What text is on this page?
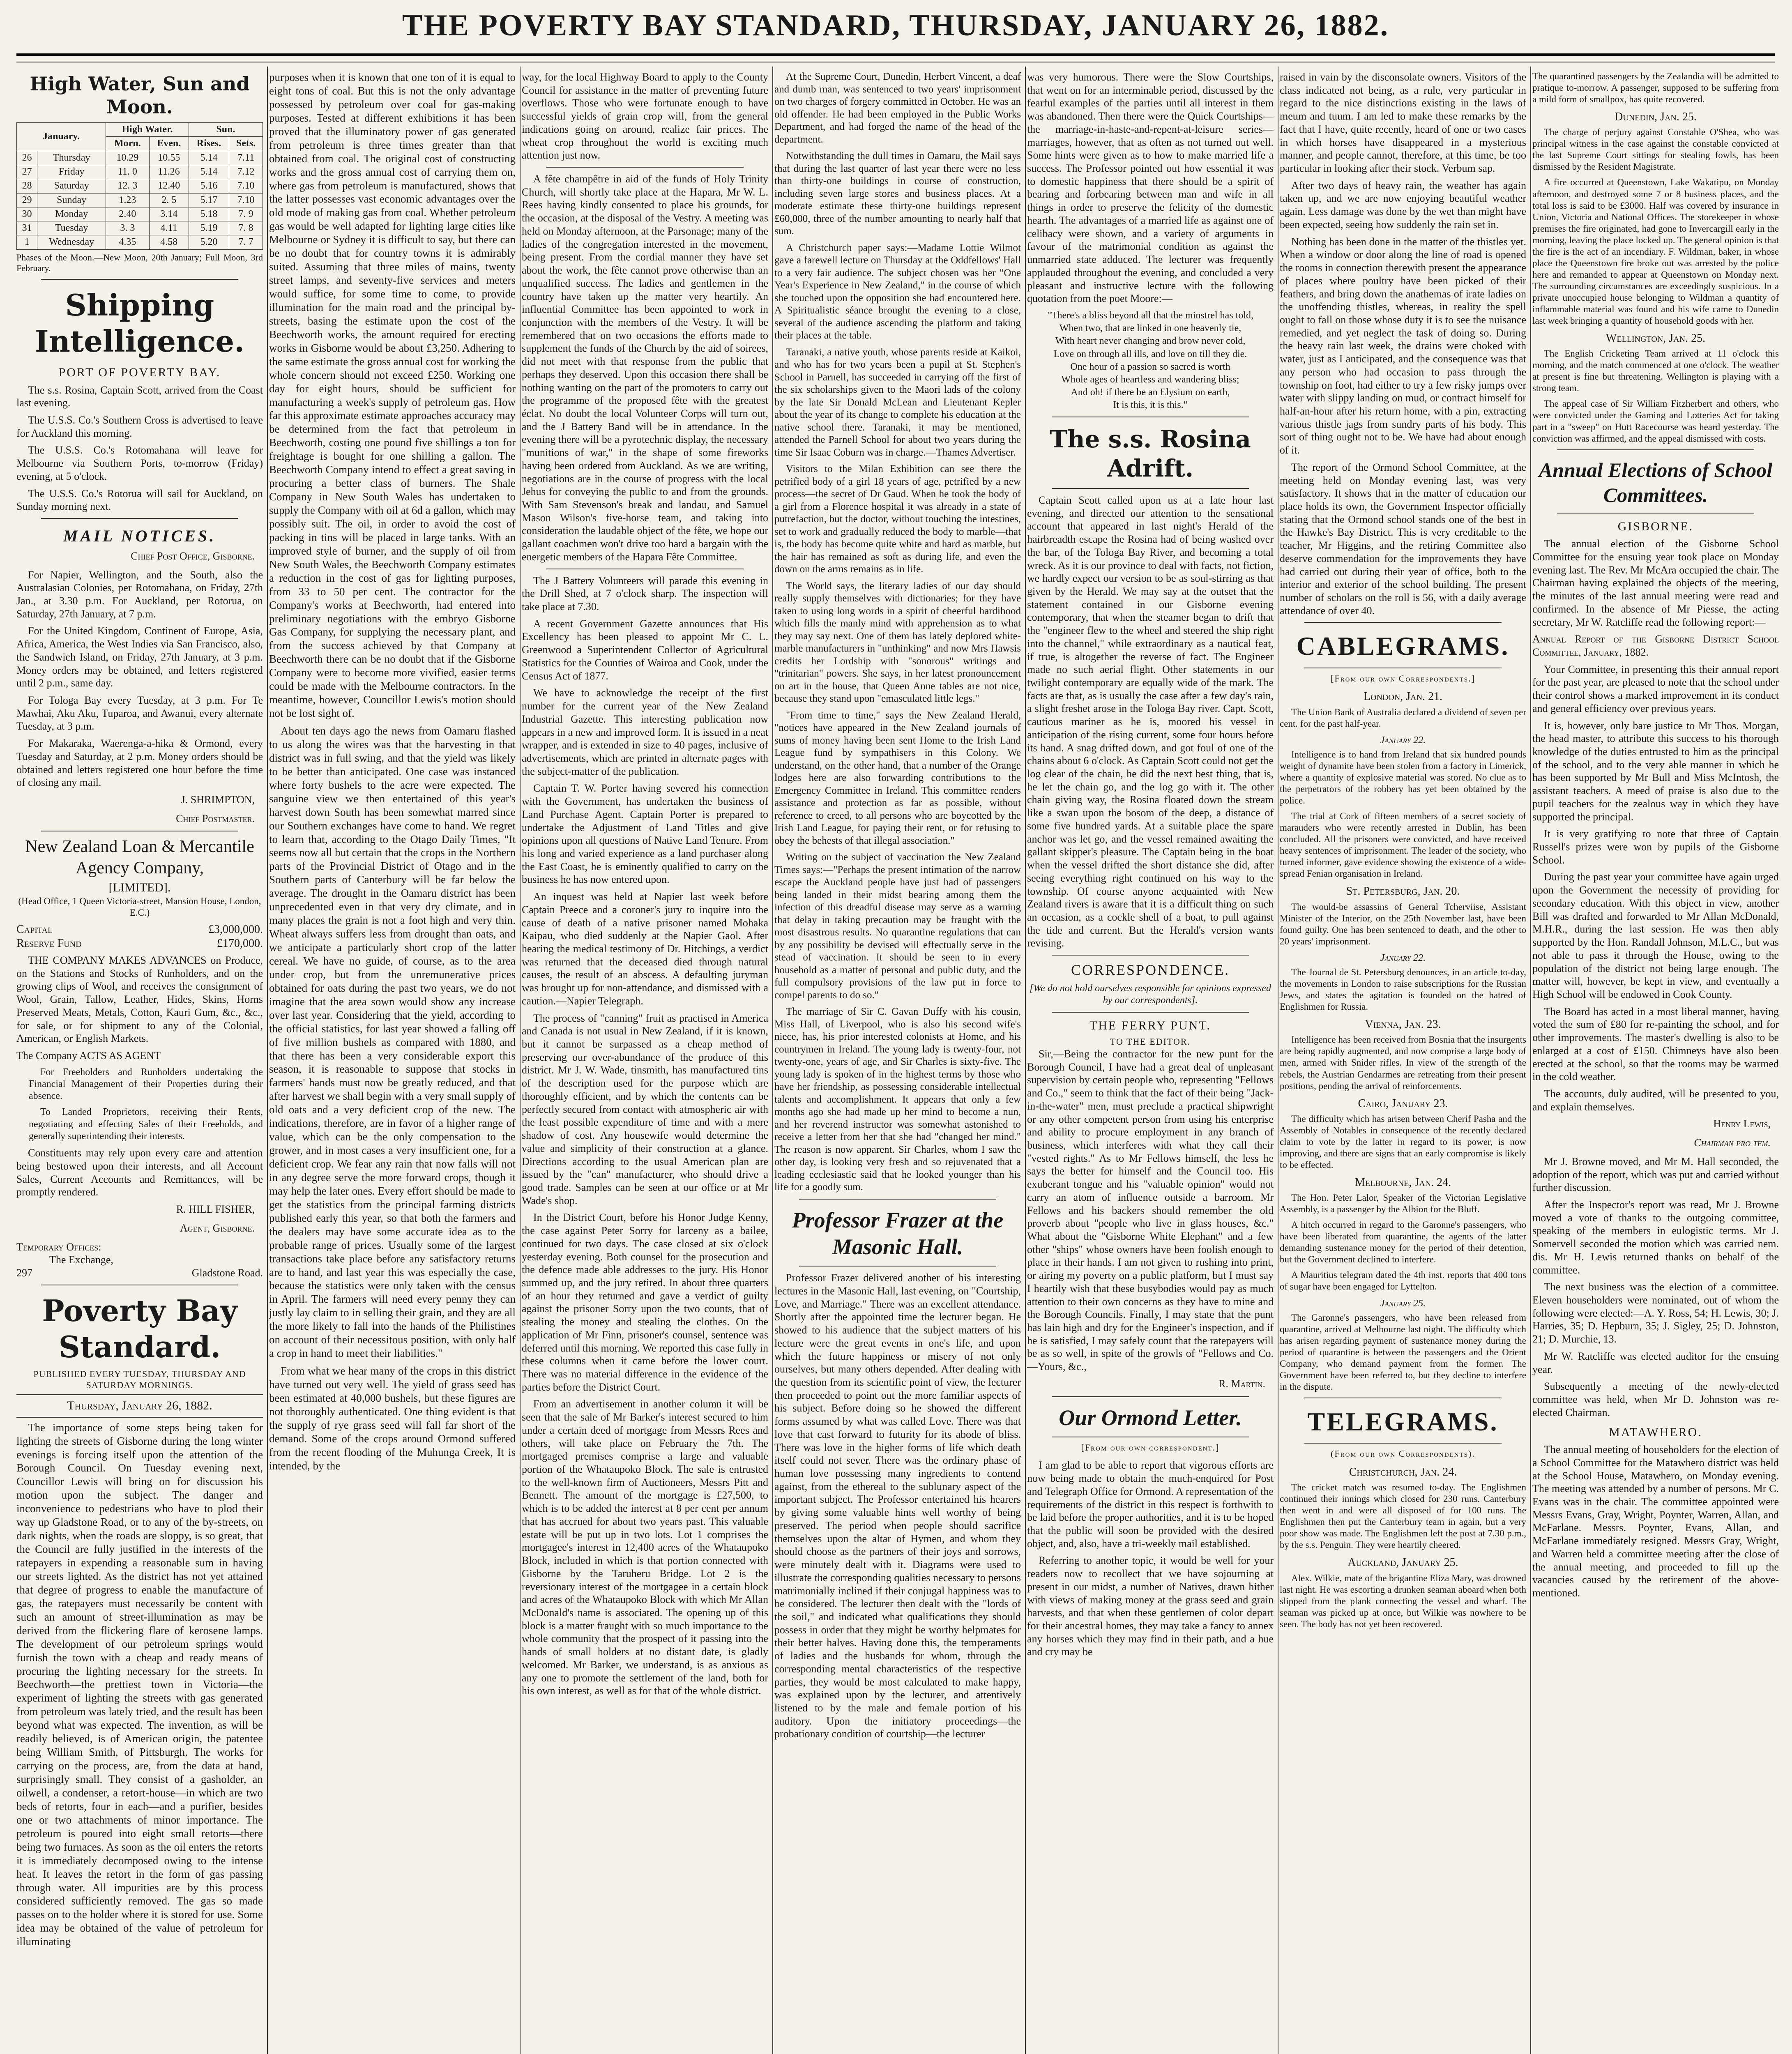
THE POVERTY BAY STANDARD, THURSDAY, JANUARY 26, 1882.
High Water, Sun and Moon.
January.		High Water.		Sun.	
		Morn.	Even.	Rises.	Sets.
26	Thursday	10.29	10.55	5.14	7.11
27	Friday	11. 0	11.26	5.14	7.12
28	Saturday	12. 3	12.40	5.16	7.10
29	Sunday	1.23	2. 5	5.17	7.10
30	Monday	2.40	3.14	5.18	7. 9
31	Tuesday	3. 3	4.11	5.19	7. 8
1	Wednesday	4.35	4.58	5.20	7. 7

Phases of the Moon.—New Moon, 20th January; Full Moon, 3rd February.

Shipping Intelligence.
PORT OF POVERTY BAY.

The s.s. Rosina, Captain Scott, arrived from the Coast last evening.

The U.S.S. Co.'s Southern Cross is advertised to leave for Auckland this morning.

The U.S.S. Co.'s Rotomahana will leave for Melbourne via Southern Ports, to-morrow (Friday) evening, at 5 o'clock.

The U.S.S. Co.'s Rotorua will sail for Auckland, on Sunday morning next.

MAIL NOTICES.
Chief Post Office, Gisborne.

For Napier, Wellington, and the South, also the Australasian Colonies, per Rotomahana, on Friday, 27th Jan., at 3.30 p.m. For Auckland, per Rotorua, on Saturday, 27th January, at 7 p.m.

For the United Kingdom, Continent of Europe, Asia, Africa, America, the West Indies via San Francisco, also, the Sandwich Island, on Friday, 27th January, at 3 p.m. Money orders may be obtained, and letters registered until 2 p.m., same day.

For Tologa Bay every Tuesday, at 3 p.m. For Te Mawhai, Aku Aku, Tuparoa, and Awanui, every alternate Tuesday, at 3 p.m.

For Makaraka, Waerenga-a-hika & Ormond, every Tuesday and Saturday, at 2 p.m. Money orders should be obtained and letters registered one hour before the time of closing any mail.

J. SHRIMPTON,
Chief Postmaster.
New Zealand Loan & Mercantile Agency Company,
[LIMITED].

(Head Office, 1 Queen Victoria-street, Mansion House, London, E.C.)

Capital	£3,000,000.
Reserve Fund	£170,000.

THE COMPANY MAKES ADVANCES on Produce, on the Stations and Stocks of Runholders, and on the growing clips of Wool, and receives the consignment of Wool, Grain, Tallow, Leather, Hides, Skins, Horns Preserved Meats, Metals, Cotton, Kauri Gum, &c., &c., for sale, or for shipment to any of the Colonial, American, or English Markets.

The Company ACTS AS AGENT

For Freeholders and Runholders undertaking the Financial Management of their Properties during their absence.

To Landed Proprietors, receiving their Rents, negotiating and effecting Sales of their Freeholds, and generally superintending their interests.

Constituents may rely upon every care and attention being bestowed upon their interests, and all Account Sales, Current Accounts and Remittances, will be promptly rendered.

R. HILL FISHER,
Agent, Gisborne.
Temporary Offices:
The Exchange,
297	Gladstone Road.
Poverty Bay Standard.
PUBLISHED EVERY TUESDAY, THURSDAY AND SATURDAY MORNINGS.
Thursday, January 26, 1882.

The importance of some steps being taken for lighting the streets of Gisborne during the long winter evenings is forcing itself upon the attention of the Borough Council. On Tuesday evening next, Councillor Lewis will bring on for discussion his motion upon the subject. The danger and inconvenience to pedestrians who have to plod their way up Gladstone Road, or to any of the by-streets, on dark nights, when the roads are sloppy, is so great, that the Council are fully justified in the interests of the ratepayers in expending a reasonable sum in having our streets lighted. As the district has not yet attained that degree of progress to enable the manufacture of gas, the ratepayers must necessarily be content with such an amount of street-illumination as may be derived from the flickering flare of kerosene lamps. The development of our petroleum springs would furnish the town with a cheap and ready means of procuring the lighting necessary for the streets. In Beechworth—the prettiest town in Victoria—the experiment of lighting the streets with gas generated from petroleum was lately tried, and the result has been beyond what was expected. The invention, as will be readily believed, is of American origin, the patentee being William Smith, of Pittsburgh. The works for carrying on the process, are, from the data at hand, surprisingly small. They consist of a gasholder, an oilwell, a condenser, a retort-house—in which are two beds of retorts, four in each—and a purifier, besides one or two attachments of minor importance. The petroleum is poured into eight small retorts—there being two furnaces. As soon as the oil enters the retorts it is immediately decomposed owing to the intense heat. It leaves the retort in the form of gas passing through water. All impurities are by this process considered sufficiently removed. The gas so made passes on to the holder where it is stored for use. Some idea may be obtained of the value of petroleum for illuminating

purposes when it is known that one ton of it is equal to eight tons of coal. But this is not the only advantage possessed by petroleum over coal for gas-making purposes. Tested at different exhibitions it has been proved that the illuminatory power of gas generated from petroleum is three times greater than that obtained from coal. The original cost of constructing works and the gross annual cost of carrying them on, where gas from petroleum is manufactured, shows that the latter possesses vast economic advantages over the old mode of making gas from coal. Whether petroleum gas would be well adapted for lighting large cities like Melbourne or Sydney it is difficult to say, but there can be no doubt that for country towns it is admirably suited. Assuming that three miles of mains, twenty street lamps, and seventy-five services and meters would suffice, for some time to come, to provide illumination for the main road and the principal by-streets, basing the estimate upon the cost of the Beechworth works, the amount required for erecting works in Gisborne would be about £3,250. Adhering to the same estimate the gross annual cost for working the whole concern should not exceed £250. Working one day for eight hours, should be sufficient for manufacturing a week's supply of petroleum gas. How far this approximate estimate approaches accuracy may be determined from the fact that petroleum in Beechworth, costing one pound five shillings a ton for freightage is bought for one shilling a gallon. The Beechworth Company intend to effect a great saving in procuring a better class of burners. The Shale Company in New South Wales has undertaken to supply the Company with oil at 6d a gallon, which may possibly suit. The oil, in order to avoid the cost of packing in tins will be placed in large tanks. With an improved style of burner, and the supply of oil from New South Wales, the Beechworth Company estimates a reduction in the cost of gas for lighting purposes, from 33 to 50 per cent. The contractor for the Company's works at Beechworth, had entered into preliminary negotiations with the embryo Gisborne Gas Company, for supplying the necessary plant, and from the success achieved by that Company at Beechworth there can be no doubt that if the Gisborne Company were to become more vivified, easier terms could be made with the Melbourne contractors. In the meantime, however, Councillor Lewis's motion should not be lost sight of.

About ten days ago the news from Oamaru flashed to us along the wires was that the harvesting in that district was in full swing, and that the yield was likely to be better than anticipated. One case was instanced where forty bushels to the acre were expected. The sanguine view we then entertained of this year's harvest down South has been somewhat marred since our Southern exchanges have come to hand. We regret to learn that, according to the Otago Daily Times, "It seems now all but certain that the crops in the Northern parts of the Provincial District of Otago and in the Southern parts of Canterbury will be far below the average. The drought in the Oamaru district has been unprecedented even in that very dry climate, and in many places the grain is not a foot high and very thin. Wheat always suffers less from drought than oats, and we anticipate a particularly short crop of the latter cereal. We have no guide, of course, as to the area under crop, but from the unremunerative prices obtained for oats during the past two years, we do not imagine that the area sown would show any increase over last year. Considering that the yield, according to the official statistics, for last year showed a falling off of five million bushels as compared with 1880, and that there has been a very considerable export this season, it is reasonable to suppose that stocks in farmers' hands must now be greatly reduced, and that after harvest we shall begin with a very small supply of old oats and a very deficient crop of the new. The indications, therefore, are in favor of a higher range of value, which can be the only compensation to the grower, and in most cases a very insufficient one, for a deficient crop. We fear any rain that now falls will not in any degree serve the more forward crops, though it may help the later ones. Every effort should be made to get the statistics from the principal farming districts published early this year, so that both the farmers and the dealers may have some accurate idea as to the probable range of prices. Usually some of the largest transactions take place before any satisfactory returns are to hand, and last year this was especially the case, because the statistics were only taken with the census in April. The farmers will need every penny they can justly lay claim to in selling their grain, and they are all the more likely to fall into the hands of the Philistines on account of their necessitous position, with only half a crop in hand to meet their liabilities."

From what we hear many of the crops in this district have turned out very well. The yield of grass seed has been estimated at 40,000 bushels, but these figures are not thoroughly authenticated. One thing evident is that the supply of rye grass seed will fall far short of the demand. Some of the crops around Ormond suffered from the recent flooding of the Muhunga Creek, It is intended, by the

way, for the local Highway Board to apply to the County Council for assistance in the matter of preventing future overflows. Those who were fortunate enough to have successful yields of grain crop will, from the general indications going on around, realize fair prices. The wheat crop throughout the world is exciting much attention just now.

A fête champêtre in aid of the funds of Holy Trinity Church, will shortly take place at the Hapara, Mr W. L. Rees having kindly consented to place his grounds, for the occasion, at the disposal of the Vestry. A meeting was held on Monday afternoon, at the Parsonage; many of the ladies of the congregation interested in the movement, being present. From the cordial manner they have set about the work, the fête cannot prove otherwise than an unqualified success. The ladies and gentlemen in the country have taken up the matter very heartily. An influential Committee has been appointed to work in conjunction with the members of the Vestry. It will be remembered that on two occasions the efforts made to supplement the funds of the Church by the aid of soirees, did not meet with that response from the public that perhaps they deserved. Upon this occasion there shall be nothing wanting on the part of the promoters to carry out the programme of the proposed fête with the greatest éclat. No doubt the local Volunteer Corps will turn out, and the J Battery Band will be in attendance. In the evening there will be a pyrotechnic display, the necessary "munitions of war," in the shape of some fireworks having been ordered from Auckland. As we are writing, negotiations are in the course of progress with the local Jehus for conveying the public to and from the grounds. With Sam Stevenson's break and landau, and Samuel Mason Wilson's five-horse team, and taking into consideration the laudable object of the fête, we hope our gallant coachmen won't drive too hard a bargain with the energetic members of the Hapara Fête Committee.

The J Battery Volunteers will parade this evening in the Drill Shed, at 7 o'clock sharp. The inspection will take place at 7.30.

A recent Government Gazette announces that His Excellency has been pleased to appoint Mr C. L. Greenwood a Superintendent Collector of Agricultural Statistics for the Counties of Wairoa and Cook, under the Census Act of 1877.

We have to acknowledge the receipt of the first number for the current year of the New Zealand Industrial Gazette. This interesting publication now appears in a new and improved form. It is issued in a neat wrapper, and is extended in size to 40 pages, inclusive of advertisements, which are printed in alternate pages with the subject-matter of the publication.

Captain T. W. Porter having severed his connection with the Government, has undertaken the business of Land Purchase Agent. Captain Porter is prepared to undertake the Adjustment of Land Titles and give opinions upon all questions of Native Land Tenure. From his long and varied experience as a land purchaser along the East Coast, he is eminently qualified to carry on the business he has now entered upon.

An inquest was held at Napier last week before Captain Preece and a coroner's jury to inquire into the cause of death of a native prisoner named Mohaka Kaipau, who died suddenly at the Napier Gaol. After hearing the medical testimony of Dr. Hitchings, a verdict was returned that the deceased died through natural causes, the result of an abscess. A defaulting juryman was brought up for non-attendance, and dismissed with a caution.—Napier Telegraph.

The process of "canning" fruit as practised in America and Canada is not usual in New Zealand, if it is known, but it cannot be surpassed as a cheap method of preserving our over-abundance of the produce of this district. Mr J. W. Wade, tinsmith, has manufactured tins of the description used for the purpose which are thoroughly efficient, and by which the contents can be perfectly secured from contact with atmospheric air with the least possible expenditure of time and with a mere shadow of cost. Any housewife would determine the value and simplicity of their construction at a glance. Directions according to the usual American plan are issued by the "can" manufacturer, who should drive a good trade. Samples can be seen at our office or at Mr Wade's shop.

In the District Court, before his Honor Judge Kenny, the case against Peter Sorry for larceny as a bailee, continued for two days. The case closed at six o'clock yesterday evening. Both counsel for the prosecution and the defence made able addresses to the jury. His Honor summed up, and the jury retired. In about three quarters of an hour they returned and gave a verdict of guilty against the prisoner Sorry upon the two counts, that of stealing the money and stealing the clothes. On the application of Mr Finn, prisoner's counsel, sentence was deferred until this morning. We reported this case fully in these columns when it came before the lower court. There was no material difference in the evidence of the parties before the District Court.

From an advertisement in another column it will be seen that the sale of Mr Barker's interest secured to him under a certain deed of mortgage from Messrs Rees and others, will take place on February the 7th. The mortgaged premises comprise a large and valuable portion of the Whataupoko Block. The sale is entrusted to the well-known firm of Auctioneers, Messrs Pitt and Bennett. The amount of the mortgage is £27,500, to which is to be added the interest at 8 per cent per annum that has accrued for about two years past. This valuable estate will be put up in two lots. Lot 1 comprises the mortgagee's interest in 12,400 acres of the Whataupoko Block, included in which is that portion connected with Gisborne by the Taruheru Bridge. Lot 2 is the reversionary interest of the mortgagee in a certain block and acres of the Whataupoko Block with which Mr Allan McDonald's name is associated. The opening up of this block is a matter fraught with so much importance to the whole community that the prospect of it passing into the hands of small holders at no distant date, is gladly welcomed. Mr Barker, we understand, is as anxious as any one to promote the settlement of the land, both for his own interest, as well as for that of the whole district.

At the Supreme Court, Dunedin, Herbert Vincent, a deaf and dumb man, was sentenced to two years' imprisonment on two charges of forgery committed in October. He was an old offender. He had been employed in the Public Works Department, and had forged the name of the head of the department.

Notwithstanding the dull times in Oamaru, the Mail says that during the last quarter of last year there were no less than thirty-one buildings in course of construction, including seven large stores and business places. At a moderate estimate these thirty-one buildings represent £60,000, three of the number amounting to nearly half that sum.

A Christchurch paper says:—Madame Lottie Wilmot gave a farewell lecture on Thursday at the Oddfellows' Hall to a very fair audience. The subject chosen was her "One Year's Experience in New Zealand," in the course of which she touched upon the opposition she had encountered here. A Spiritualistic séance brought the evening to a close, several of the audience ascending the platform and taking their places at the table.

Taranaki, a native youth, whose parents reside at Kaikoi, and who has for two years been a pupil at St. Stephen's School in Parnell, has succeeded in carrying off the first of the six scholarships given to the Maori lads of the colony by the late Sir Donald McLean and Lieutenant Kepler about the year of its change to complete his education at the native school there. Taranaki, it may be mentioned, attended the Parnell School for about two years during the time Sir Isaac Coburn was in charge.—Thames Advertiser.

Visitors to the Milan Exhibition can see there the petrified body of a girl 18 years of age, petrified by a new process—the secret of Dr Gaud. When he took the body of a girl from a Florence hospital it was already in a state of putrefaction, but the doctor, without touching the intestines, set to work and gradually reduced the body to marble—that is, the body has become quite white and hard as marble, but the hair has remained as soft as during life, and even the down on the arms remains as in life.

The World says, the literary ladies of our day should really supply themselves with dictionaries; for they have taken to using long words in a spirit of cheerful hardihood which fills the manly mind with apprehension as to what they may say next. One of them has lately deplored white-marble manufacturers in "unthinking" and now Mrs Hawsis credits her Lordship with "sonorous" writings and "trinitarian" powers. She says, in her latest pronouncement on art in the house, that Queen Anne tables are not nice, because they stand upon "emasculated little legs."

"From time to time," says the New Zealand Herald, "notices have appeared in the New Zealand journals of sums of money having been sent Home to the Irish Land League fund by sympathisers in this Colony. We understand, on the other hand, that a number of the Orange lodges here are also forwarding contributions to the Emergency Committee in Ireland. This committee renders assistance and protection as far as possible, without reference to creed, to all persons who are boycotted by the Irish Land League, for paying their rent, or for refusing to obey the behests of that illegal association."

Writing on the subject of vaccination the New Zealand Times says:—"Perhaps the present intimation of the narrow escape the Auckland people have just had of passengers being landed in their midst bearing among them the infection of this dreadful disease may serve as a warning that delay in taking precaution may be fraught with the most disastrous results. No quarantine regulations that can by any possibility be devised will effectually serve in the stead of vaccination. It should be seen to in every household as a matter of personal and public duty, and the full compulsory provisions of the law put in force to compel parents to do so."

The marriage of Sir C. Gavan Duffy with his cousin, Miss Hall, of Liverpool, who is also his second wife's niece, has, his prior interested colonists at Home, and his countrymen in Ireland. The young lady is twenty-four, not twenty-one, years of age, and Sir Charles is sixty-five. The young lady is spoken of in the highest terms by those who have her friendship, as possessing considerable intellectual talents and accomplishment. It appears that only a few months ago she had made up her mind to become a nun, and her reverend instructor was somewhat astonished to receive a letter from her that she had "changed her mind." The reason is now apparent. Sir Charles, whom I saw the other day, is looking very fresh and so rejuvenated that a leading ecclesiastic said that he looked younger than his life for a goodly sum.

Professor Frazer at the Masonic Hall.

Professor Frazer delivered another of his interesting lectures in the Masonic Hall, last evening, on "Courtship, Love, and Marriage." There was an excellent attendance. Shortly after the appointed time the lecturer began. He showed to his audience that the subject matters of his lecture were the great events in one's life, and upon which the future happiness or misery of not only ourselves, but many others depended. After dealing with the question from its scientific point of view, the lecturer then proceeded to point out the more familiar aspects of his subject. Before doing so he showed the different forms assumed by what was called Love. There was that love that cast forward to futurity for its abode of bliss. There was love in the higher forms of life which death itself could not sever. There was the ordinary phase of human love possessing many ingredients to contend against, from the ethereal to the sublunary aspect of the important subject. The Professor entertained his hearers by giving some valuable hints well worthy of being preserved. The period when people should sacrifice themselves upon the altar of Hymen, and whom they should choose as the partners of their joys and sorrows, were minutely dealt with it. Diagrams were used to illustrate the corresponding qualities necessary to persons matrimonially inclined if their conjugal happiness was to be considered. The lecturer then dealt with the "lords of the soil," and indicated what qualifications they should possess in order that they might be worthy helpmates for their better halves. Having done this, the temperaments of ladies and the husbands for whom, through the corresponding mental characteristics of the respective parties, they would be most calculated to make happy, was explained upon by the lecturer, and attentively listened to by the male and female portion of his auditory. Upon the initiatory proceedings—the probationary condition of courtship—the lecturer

was very humorous. There were the Slow Courtships, that went on for an interminable period, discussed by the fearful examples of the parties until all interest in them was abandoned. Then there were the Quick Courtships—the marriage-in-haste-and-repent-at-leisure series—marriages, however, that as often as not turned out well. Some hints were given as to how to make married life a success. The Professor pointed out how essential it was to domestic happiness that there should be a spirit of bearing and forbearing between man and wife in all things in order to preserve the felicity of the domestic hearth. The advantages of a married life as against one of celibacy were shown, and a variety of arguments in favour of the matrimonial condition as against the unmarried state adduced. The lecturer was frequently applauded throughout the evening, and concluded a very pleasant and instructive lecture with the following quotation from the poet Moore:—

"There's a bliss beyond all that the minstrel has told,
When two, that are linked in one heavenly tie,
With heart never changing and brow never cold,
Love on through all ills, and love on till they die.
One hour of a passion so sacred is worth
Whole ages of heartless and wandering bliss;
And oh! if there be an Elysium on earth,
It is this, it is this."
The s.s. Rosina Adrift.

Captain Scott called upon us at a late hour last evening, and directed our attention to the sensational account that appeared in last night's Herald of the hairbreadth escape the Rosina had of being washed over the bar, of the Tologa Bay River, and becoming a total wreck. As it is our province to deal with facts, not fiction, we hardly expect our version to be as soul-stirring as that given by the Herald. We may say at the outset that the statement contained in our Gisborne evening contemporary, that when the steamer began to drift that the "engineer flew to the wheel and steered the ship right into the channel," while extraordinary as a nautical feat, if true, is altogether the reverse of fact. The Engineer made no such aerial flight. Other statements in our twilight contemporary are equally wide of the mark. The facts are that, as is usually the case after a few day's rain, a slight freshet arose in the Tologa Bay river. Capt. Scott, cautious mariner as he is, moored his vessel in anticipation of the rising current, some four hours before its hand. A snag drifted down, and got foul of one of the chains about 6 o'clock. As Captain Scott could not get the log clear of the chain, he did the next best thing, that is, he let the chain go, and the log go with it. The other chain giving way, the Rosina floated down the stream like a swan upon the bosom of the deep, a distance of some five hundred yards. At a suitable place the spare anchor was let go, and the vessel remained awaiting the gallant skipper's pleasure. The Captain being in the boat when the vessel drifted the short distance she did, after seeing everything right continued on his way to the township. Of course anyone acquainted with New Zealand rivers is aware that it is a difficult thing on such an occasion, as a cockle shell of a boat, to pull against the tide and current. But the Herald's version wants revising.

CORRESPONDENCE.

[We do not hold ourselves responsible for opinions expressed by our correspondents].

THE FERRY PUNT.
TO THE EDITOR.

Sir,—Being the contractor for the new punt for the Borough Council, I have had a great deal of unpleasant supervision by certain people who, representing "Fellows and Co.," seem to think that the fact of their being "Jack-in-the-water" men, must preclude a practical shipwright or any other competent person from using his enterprise and ability to procure employment in any branch of business, which interferes with what they call their "vested rights." As to Mr Fellows himself, the less he says the better for himself and the Council too. His exuberant tongue and his "valuable opinion" would not carry an atom of influence outside a barroom. Mr Fellows and his backers should remember the old proverb about "people who live in glass houses, &c." What about the "Gisborne White Elephant" and a few other "ships" whose owners have been foolish enough to place in their hands. I am not given to rushing into print, or airing my poverty on a public platform, but I must say I heartily wish that these busybodies would pay as much attention to their own concerns as they have to mine and the Borough Councils. Finally, I may state that the punt has lain high and dry for the Engineer's inspection, and if he is satisfied, I may safely count that the ratepayers will be as so well, in spite of the growls of "Fellows and Co.—Yours, &c.,

R. Martin.
Our Ormond Letter.
[From our own correspondent.]

I am glad to be able to report that vigorous efforts are now being made to obtain the much-enquired for Post and Telegraph Office for Ormond. A representation of the requirements of the district in this respect is forthwith to be laid before the proper authorities, and it is to be hoped that the public will soon be provided with the desired object, and, also, have a tri-weekly mail established.

Referring to another topic, it would be well for your readers now to recollect that we have sojourning at present in our midst, a number of Natives, drawn hither with views of making money at the grass seed and grain harvests, and that when these gentlemen of color depart for their ancestral homes, they may take a fancy to annex any horses which they may find in their path, and a hue and cry may be

raised in vain by the disconsolate owners. Visitors of the class indicated not being, as a rule, very particular in regard to the nice distinctions existing in the laws of meum and tuum. I am led to make these remarks by the fact that I have, quite recently, heard of one or two cases in which horses have disappeared in a mysterious manner, and people cannot, therefore, at this time, be too particular in looking after their stock. Verbum sap.

After two days of heavy rain, the weather has again taken up, and we are now enjoying beautiful weather again. Less damage was done by the wet than might have been expected, seeing how suddenly the rain set in.

Nothing has been done in the matter of the thistles yet. When a window or door along the line of road is opened the rooms in connection therewith present the appearance of places where poultry have been picked of their feathers, and bring down the anathemas of irate ladies on the unoffending thistles, whereas, in reality the spell ought to fall on those whose duty it is to see the nuisance remedied, and yet neglect the task of doing so. During the heavy rain last week, the drains were choked with water, just as I anticipated, and the consequence was that any person who had occasion to pass through the township on foot, had either to try a few risky jumps over water with slippy landing on mud, or contract himself for half-an-hour after his return home, with a pin, extracting various thistle jags from sundry parts of his body. This sort of thing ought not to be. We have had about enough of it.

The report of the Ormond School Committee, at the meeting held on Monday evening last, was very satisfactory. It shows that in the matter of education our place holds its own, the Government Inspector officially stating that the Ormond school stands one of the best in the Hawke's Bay District. This is very creditable to the teacher, Mr Higgins, and the retiring Committee also deserve commendation for the improvements they have had carried out during their year of office, both to the interior and exterior of the school building. The present number of scholars on the roll is 56, with a daily average attendance of over 40.

CABLEGRAMS.
[From our own Correspondents.]
London, Jan. 21.

The Union Bank of Australia declared a dividend of seven per cent. for the past half-year.

January 22.

Intelligence is to hand from Ireland that six hundred pounds weight of dynamite have been stolen from a factory in Limerick, where a quantity of explosive material was stored. No clue as to the perpetrators of the robbery has yet been obtained by the police.

The trial at Cork of fifteen members of a secret society of marauders who were recently arrested in Dublin, has been concluded. All the prisoners were convicted, and have received heavy sentences of imprisonment. The leader of the society, who turned informer, gave evidence showing the existence of a wide-spread Fenian organisation in Ireland.

St. Petersburg, Jan. 20.

The would-be assassins of General Tcherviise, Assistant Minister of the Interior, on the 25th November last, have been found guilty. One has been sentenced to death, and the other to 20 years' imprisonment.

January 22.

The Journal de St. Petersburg denounces, in an article to-day, the movements in London to raise subscriptions for the Russian Jews, and states the agitation is founded on the hatred of Englishmen for Russia.

Vienna, Jan. 23.

Intelligence has been received from Bosnia that the insurgents are being rapidly augmented, and now comprise a large body of men, armed with Snider rifles. In view of the strength of the rebels, the Austrian Gendarmes are retreating from their present positions, pending the arrival of reinforcements.

Cairo, January 23.

The difficulty which has arisen between Cherif Pasha and the Assembly of Notables in consequence of the recently declared claim to vote by the latter in regard to its power, is now improving, and there are signs that an early compromise is likely to be effected.

Melbourne, Jan. 24.

The Hon. Peter Lalor, Speaker of the Victorian Legislative Assembly, is a passenger by the Albion for the Bluff.

A hitch occurred in regard to the Garonne's passengers, who have been liberated from quarantine, the agents of the latter demanding sustenance money for the period of their detention, but the Government declined to interfere.

A Mauritius telegram dated the 4th inst. reports that 400 tons of sugar have been engaged for Lyttelton.

January 25.

The Garonne's passengers, who have been released from quarantine, arrived at Melbourne last night. The difficulty which has arisen regarding payment of sustenance money during the period of quarantine is between the passengers and the Orient Company, who demand payment from the former. The Government have been referred to, but they decline to interfere in the dispute.

TELEGRAMS.
(From our own Correspondents).
Christchurch, Jan. 24.

The cricket match was resumed to-day. The Englishmen continued their innings which closed for 230 runs. Canterbury then went in and were all disposed of for 100 runs. The Englishmen then put the Canterbury team in again, but a very poor show was made. The Englishmen left the post at 7.30 p.m., by the s.s. Penguin. They were heartily cheered.

Auckland, January 25.

Alex. Wilkie, mate of the brigantine Eliza Mary, was drowned last night. He was escorting a drunken seaman aboard when both slipped from the plank connecting the vessel and wharf. The seaman was picked up at once, but Wilkie was nowhere to be seen. The body has not yet been recovered.

The quarantined passengers by the Zealandia will be admitted to pratique to-morrow. A passenger, supposed to be suffering from a mild form of smallpox, has quite recovered.

Dunedin, Jan. 25.

The charge of perjury against Constable O'Shea, who was principal witness in the case against the constable convicted at the last Supreme Court sittings for stealing fowls, has been dismissed by the Resident Magistrate.

A fire occurred at Queenstown, Lake Wakatipu, on Monday afternoon, and destroyed some 7 or 8 business places, and the total loss is said to be £3000. Half was covered by insurance in Union, Victoria and National Offices. The storekeeper in whose premises the fire originated, had gone to Invercargill early in the morning, leaving the place locked up. The general opinion is that the fire is the act of an incendiary. F. Wildman, baker, in whose place the Queenstown fire broke out was arrested by the police here and remanded to appear at Queenstown on Monday next. The surrounding circumstances are exceedingly suspicious. In a private unoccupied house belonging to Wildman a quantity of inflammable material was found and his wife came to Dunedin last week bringing a quantity of household goods with her.

Wellington, Jan. 25.

The English Cricketing Team arrived at 11 o'clock this morning, and the match commenced at one o'clock. The weather at present is fine but threatening. Wellington is playing with a strong team.

The appeal case of Sir William Fitzherbert and others, who were convicted under the Gaming and Lotteries Act for taking part in a "sweep" on Hutt Racecourse was heard yesterday. The conviction was affirmed, and the appeal dismissed with costs.

Annual Elections of School Committees.
GISBORNE.

The annual election of the Gisborne School Committee for the ensuing year took place on Monday evening last. The Rev. Mr McAra occupied the chair. The Chairman having explained the objects of the meeting, the minutes of the last annual meeting were read and confirmed. In the absence of Mr Piesse, the acting secretary, Mr W. Ratcliffe read the following report:—

Annual Report of the Gisborne District School Committee, January, 1882.

Your Committee, in presenting this their annual report for the past year, are pleased to note that the school under their control shows a marked improvement in its conduct and general efficiency over previous years.

It is, however, only bare justice to Mr Thos. Morgan, the head master, to attribute this success to his thorough knowledge of the duties entrusted to him as the principal of the school, and to the very able manner in which he has been supported by Mr Bull and Miss McIntosh, the assistant teachers. A meed of praise is also due to the pupil teachers for the zealous way in which they have supported the principal.

It is very gratifying to note that three of Captain Russell's prizes were won by pupils of the Gisborne School.

During the past year your committee have again urged upon the Government the necessity of providing for secondary education. With this object in view, another Bill was drafted and forwarded to Mr Allan McDonald, M.H.R., during the last session. He was then ably supported by the Hon. Randall Johnson, M.L.C., but was not able to pass it through the House, owing to the population of the district not being large enough. The matter will, however, be kept in view, and eventually a High School will be endowed in Cook County.

The Board has acted in a most liberal manner, having voted the sum of £80 for re-painting the school, and for other improvements. The master's dwelling is also to be enlarged at a cost of £150. Chimneys have also been erected at the school, so that the rooms may be warmed in the cold weather.

The accounts, duly audited, will be presented to you, and explain themselves.

Henry Lewis,
Chairman pro tem.

Mr J. Browne moved, and Mr M. Hall seconded, the adoption of the report, which was put and carried without further discussion.

After the Inspector's report was read, Mr J. Browne moved a vote of thanks to the outgoing committee, speaking of the members in eulogistic terms. Mr J. Somervell seconded the motion which was carried nem. dis. Mr H. Lewis returned thanks on behalf of the committee.

The next business was the election of a committee. Eleven householders were nominated, out of whom the following were elected:—A. Y. Ross, 54; H. Lewis, 30; J. Harries, 35; D. Hepburn, 35; J. Sigley, 25; D. Johnston, 21; D. Murchie, 13.

Mr W. Ratcliffe was elected auditor for the ensuing year.

Subsequently a meeting of the newly-elected committee was held, when Mr D. Johnston was re-elected Chairman.

MATAWHERO.

The annual meeting of householders for the election of a School Committee for the Matawhero district was held at the School House, Matawhero, on Monday evening. The meeting was attended by a number of persons. Mr C. Evans was in the chair. The committee appointed were Messrs Evans, Gray, Wright, Poynter, Warren, Allan, and McFarlane. Messrs. Poynter, Evans, Allan, and McFarlane immediately resigned. Messrs Gray, Wright, and Warren held a committee meeting after the close of the annual meeting, and proceeded to fill up the vacancies caused by the retirement of the above-mentioned.
